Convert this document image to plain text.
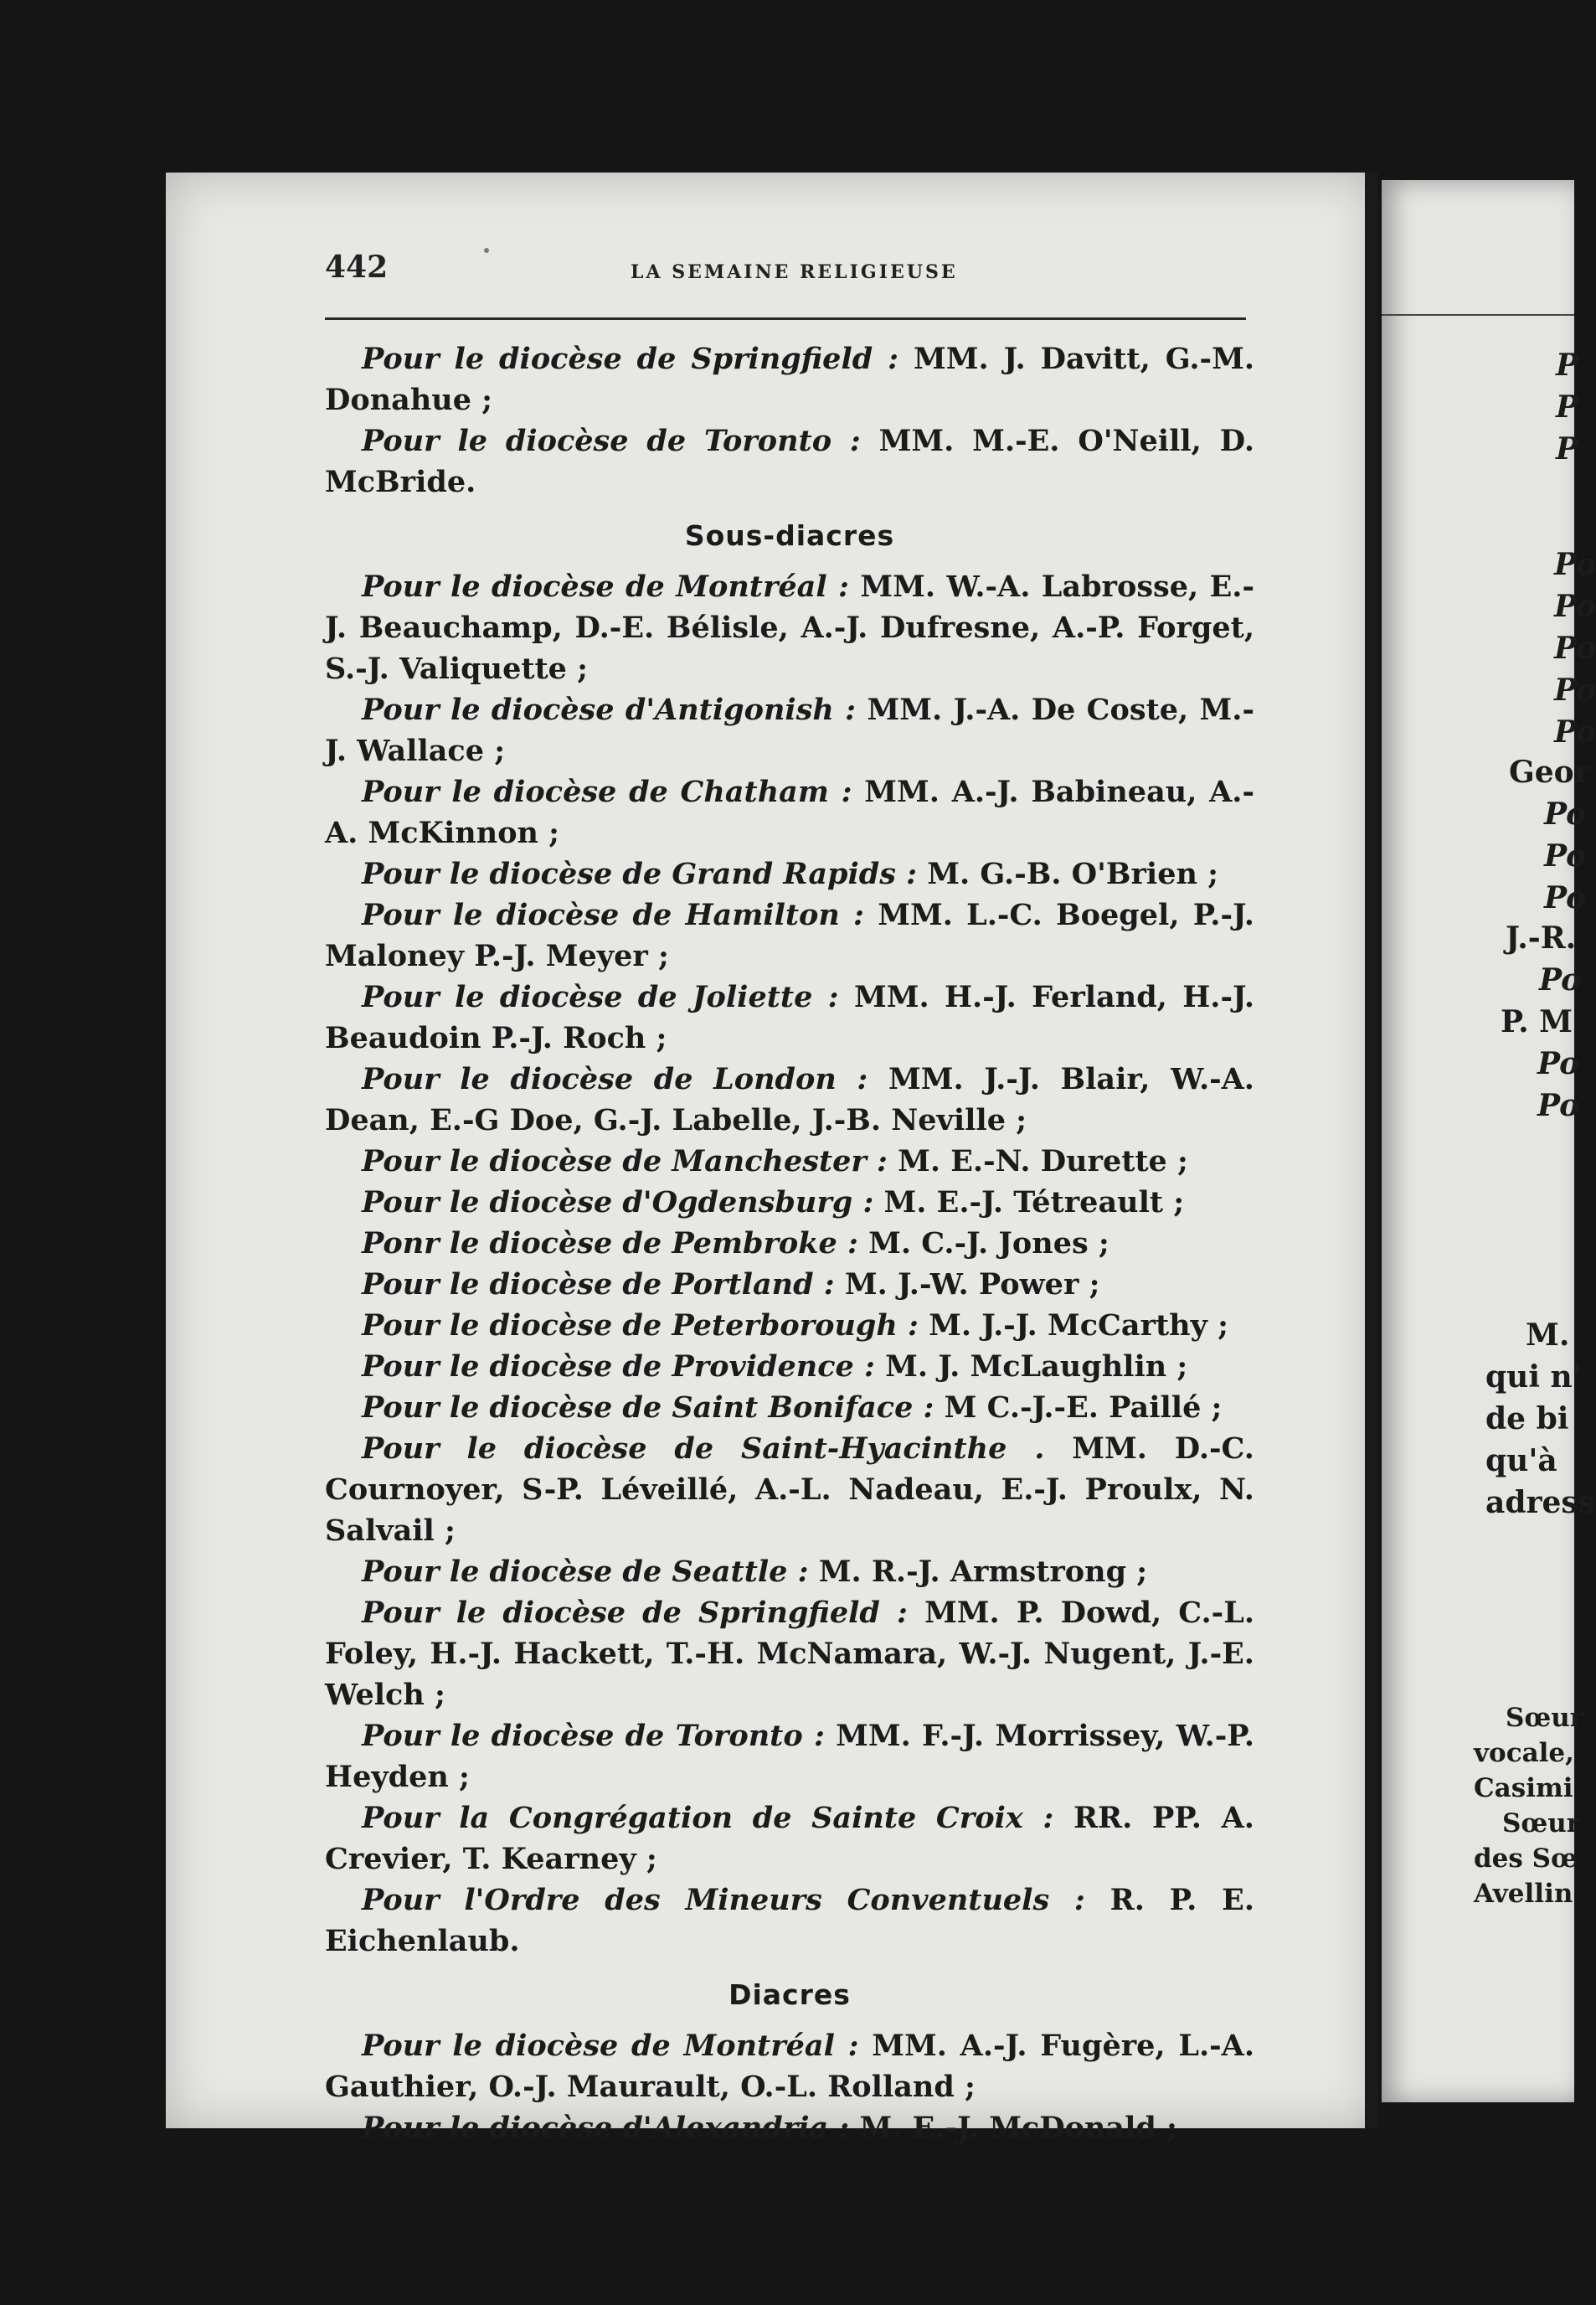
442	LA SEMAINE RELIGIEUSE

Pour le diocèse de Springfield : MM. J. Davitt, G.-M. Donahue ;

Pour le diocèse de Toronto : MM. M.-E. O'Neill, D. McBride.

Sous-diacres

Pour le diocèse de Montréal : MM. W.-A. Labrosse, E.-J. Beauchamp, D.-E. Bélisle, A.-J. Dufresne, A.-P. Forget, S.-J. Valiquette ;

Pour le diocèse d'Antigonish : MM. J.-A. De Coste, M.-J. Wallace ;

Pour le diocèse de Chatham : MM. A.-J. Babineau, A.-A. McKinnon ;

Pour le diocèse de Grand Rapids : M. G.-B. O'Brien ;

Pour le diocèse de Hamilton : MM. L.-C. Boegel, P.-J. Maloney P.-J. Meyer ;

Pour le diocèse de Joliette : MM. H.-J. Ferland, H.-J. Beaudoin P.-J. Roch ;

Pour le diocèse de London : MM. J.-J. Blair, W.-A. Dean, E.-G Doe, G.-J. Labelle, J.-B. Neville ;

Pour le diocèse de Manchester : M. E.-N. Durette ;

Pour le diocèse d'Ogdensburg : M. E.-J. Tétreault ;

Ponr le diocèse de Pembroke : M. C.-J. Jones ;

Pour le diocèse de Portland : M. J.-W. Power ;

Pour le diocèse de Peterborough : M. J.-J. McCarthy ;

Pour le diocèse de Providence : M. J. McLaughlin ;

Pour le diocèse de Saint Boniface : M C.-J.-E. Paillé ;

Pour le diocèse de Saint-Hyacinthe . MM. D.-C. Cournoyer, S-P. Léveillé, A.-L. Nadeau, E.-J. Proulx, N. Salvail ;

Pour le diocèse de Seattle : M. R.-J. Armstrong ;

Pour le diocèse de Springfield : MM. P. Dowd, C.-L. Foley, H.-J. Hackett, T.-H. McNamara, W.-J. Nugent, J.-E. Welch ;

Pour le diocèse de Toronto : MM. F.-J. Morrissey, W.-P. Heyden ;

Pour la Congrégation de Sainte Croix : RR. PP. A. Crevier, T. Kearney ;

Pour l'Ordre des Mineurs Conventuels : R. P. E. Eichenlaub.

Diacres

Pour le diocèse de Montréal : MM. A.-J. Fugère, L.-A. Gauthier, O.-J. Maurault, O.-L. Rolland ;

Pour le diocèse d'Alexandria : M. E.-J. McDonald ;

P
P
P
Po
Po
Po
Po
Po
Geor
Po
Po
Po
J.-R.
Po
P. M
Po
Po
M.
qui n'
de bi
qu'à
adress
Sœur
vocale,
Casimi
Sœur
des Sœ
Avellin
